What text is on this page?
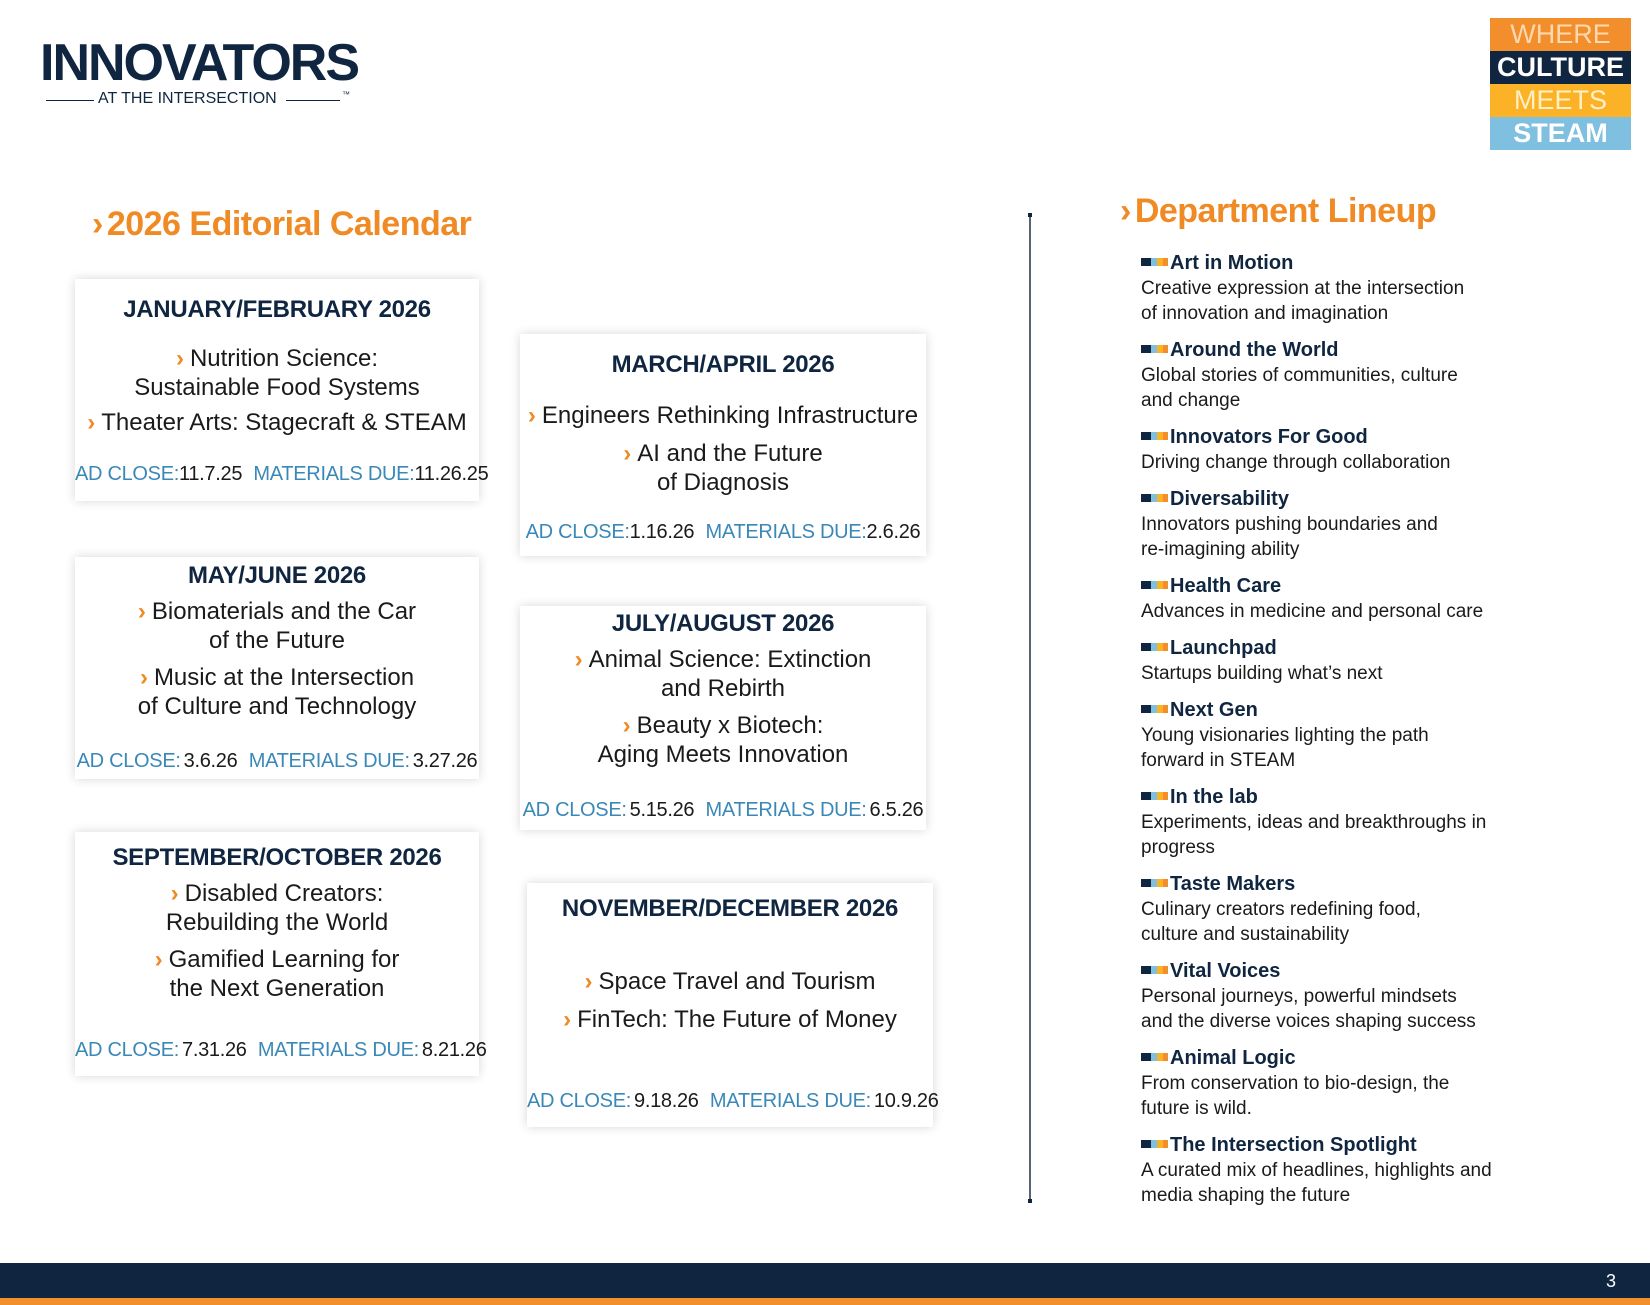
INNOVATORS
AT THE INTERSECTION	™
WHERE
CULTURE
MEETS
STEAM
› 2026 Editorial Calendar
JANUARY/FEBRUARY 2026
› Nutrition Science:
Sustainable Food Systems
› Theater Arts: Stagecraft & STEAM
AD CLOSE:11.7.25 MATERIALS DUE:11.26.25
MARCH/APRIL 2026
› Engineers Rethinking Infrastructure
› AI and the Future
of Diagnosis
AD CLOSE:1.16.26 MATERIALS DUE:2.6.26
MAY/JUNE 2026
› Biomaterials and the Car
of the Future
› Music at the Intersection
of Culture and Technology
AD CLOSE: 3.6.26 MATERIALS DUE: 3.27.26
JULY/AUGUST 2026
› Animal Science: Extinction
and Rebirth
› Beauty x Biotech:
Aging Meets Innovation
AD CLOSE: 5.15.26 MATERIALS DUE: 6.5.26
SEPTEMBER/OCTOBER 2026
› Disabled Creators:
Rebuilding the World
› Gamified Learning for
the Next Generation
AD CLOSE: 7.31.26 MATERIALS DUE: 8.21.26
NOVEMBER/DECEMBER 2026
› Space Travel and Tourism
› FinTech: The Future of Money
AD CLOSE: 9.18.26 MATERIALS DUE: 10.9.26
› Department Lineup
Art in Motion
Creative expression at the intersection
of innovation and imagination
Around the World
Global stories of communities, culture
and change
Innovators For Good
Driving change through collaboration
Diversability
Innovators pushing boundaries and
re-imagining ability
Health Care
Advances in medicine and personal care
Launchpad
Startups building what’s next
Next Gen
Young visionaries lighting the path
forward in STEAM
In the lab
Experiments, ideas and breakthroughs in
progress
Taste Makers
Culinary creators redefining food,
culture and sustainability
Vital Voices
Personal journeys, powerful mindsets
and the diverse voices shaping success
Animal Logic
From conservation to bio-design, the
future is wild.
The Intersection Spotlight
A curated mix of headlines, highlights and
media shaping the future
3
